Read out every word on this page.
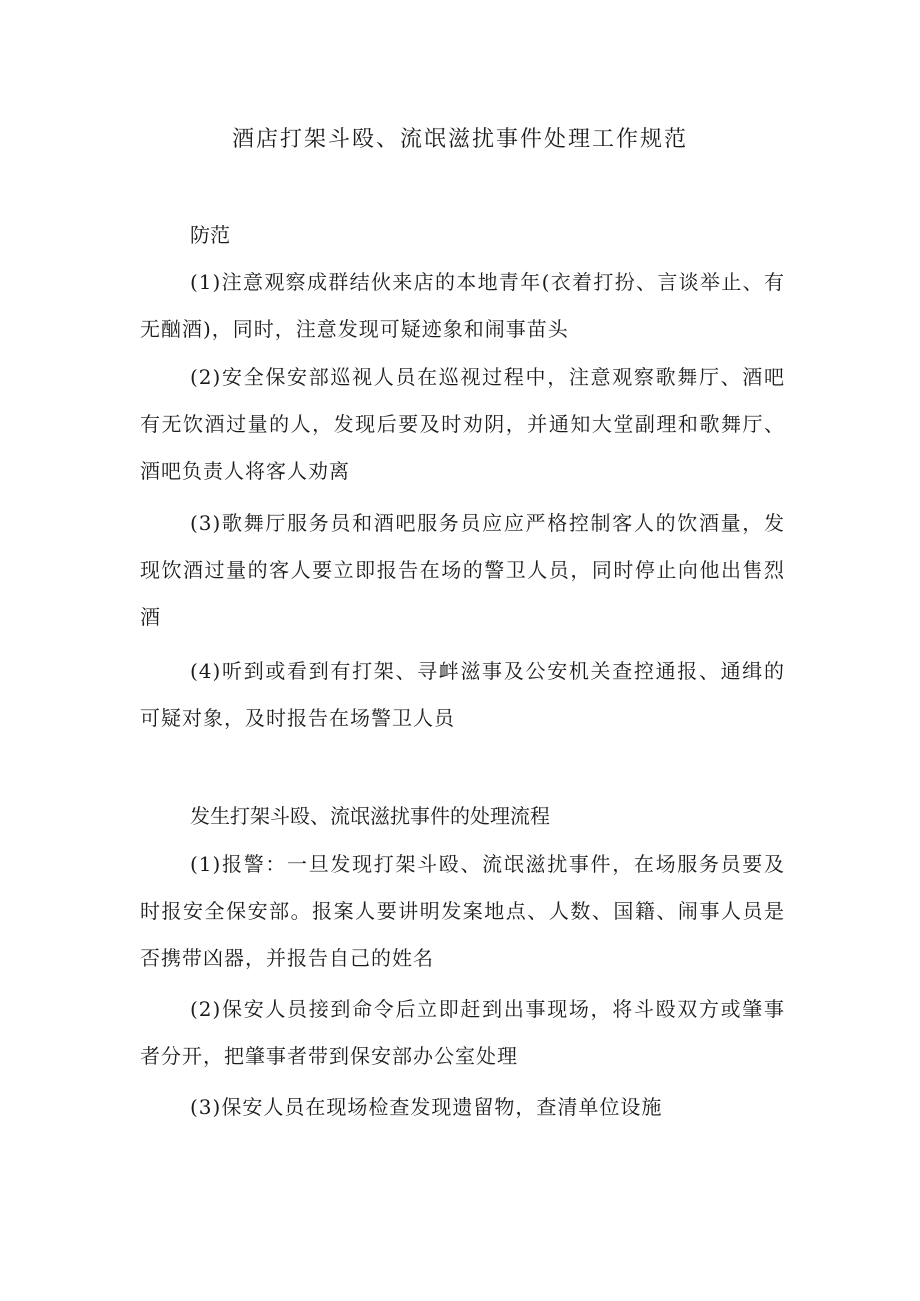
酒店打架斗殴、流氓滋扰事件处理工作规范
防范

(1)注意观察成群结伙来店的本地青年(衣着打扮、言谈举止、有无酗酒)，同时，注意发现可疑迹象和闹事苗头

(2)安全保安部巡视人员在巡视过程中，注意观察歌舞厅、酒吧有无饮酒过量的人，发现后要及时劝阴，并通知大堂副理和歌舞厅、酒吧负责人将客人劝离

(3)歌舞厅服务员和酒吧服务员应应严格控制客人的饮酒量，发现饮酒过量的客人要立即报告在场的警卫人员，同时停止向他出售烈酒

(4)听到或看到有打架、寻衅滋事及公安机关查控通报、通缉的可疑对象，及时报告在场警卫人员

发生打架斗殴、流氓滋扰事件的处理流程

(1)报警：一旦发现打架斗殴、流氓滋扰事件，在场服务员要及时报安全保安部。报案人要讲明发案地点、人数、国籍、闹事人员是否携带凶器，并报告自己的姓名

(2)保安人员接到命令后立即赶到出事现场，将斗殴双方或肇事者分开，把肇事者带到保安部办公室处理

(3)保安人员在现场检查发现遗留物，查清单位设施
